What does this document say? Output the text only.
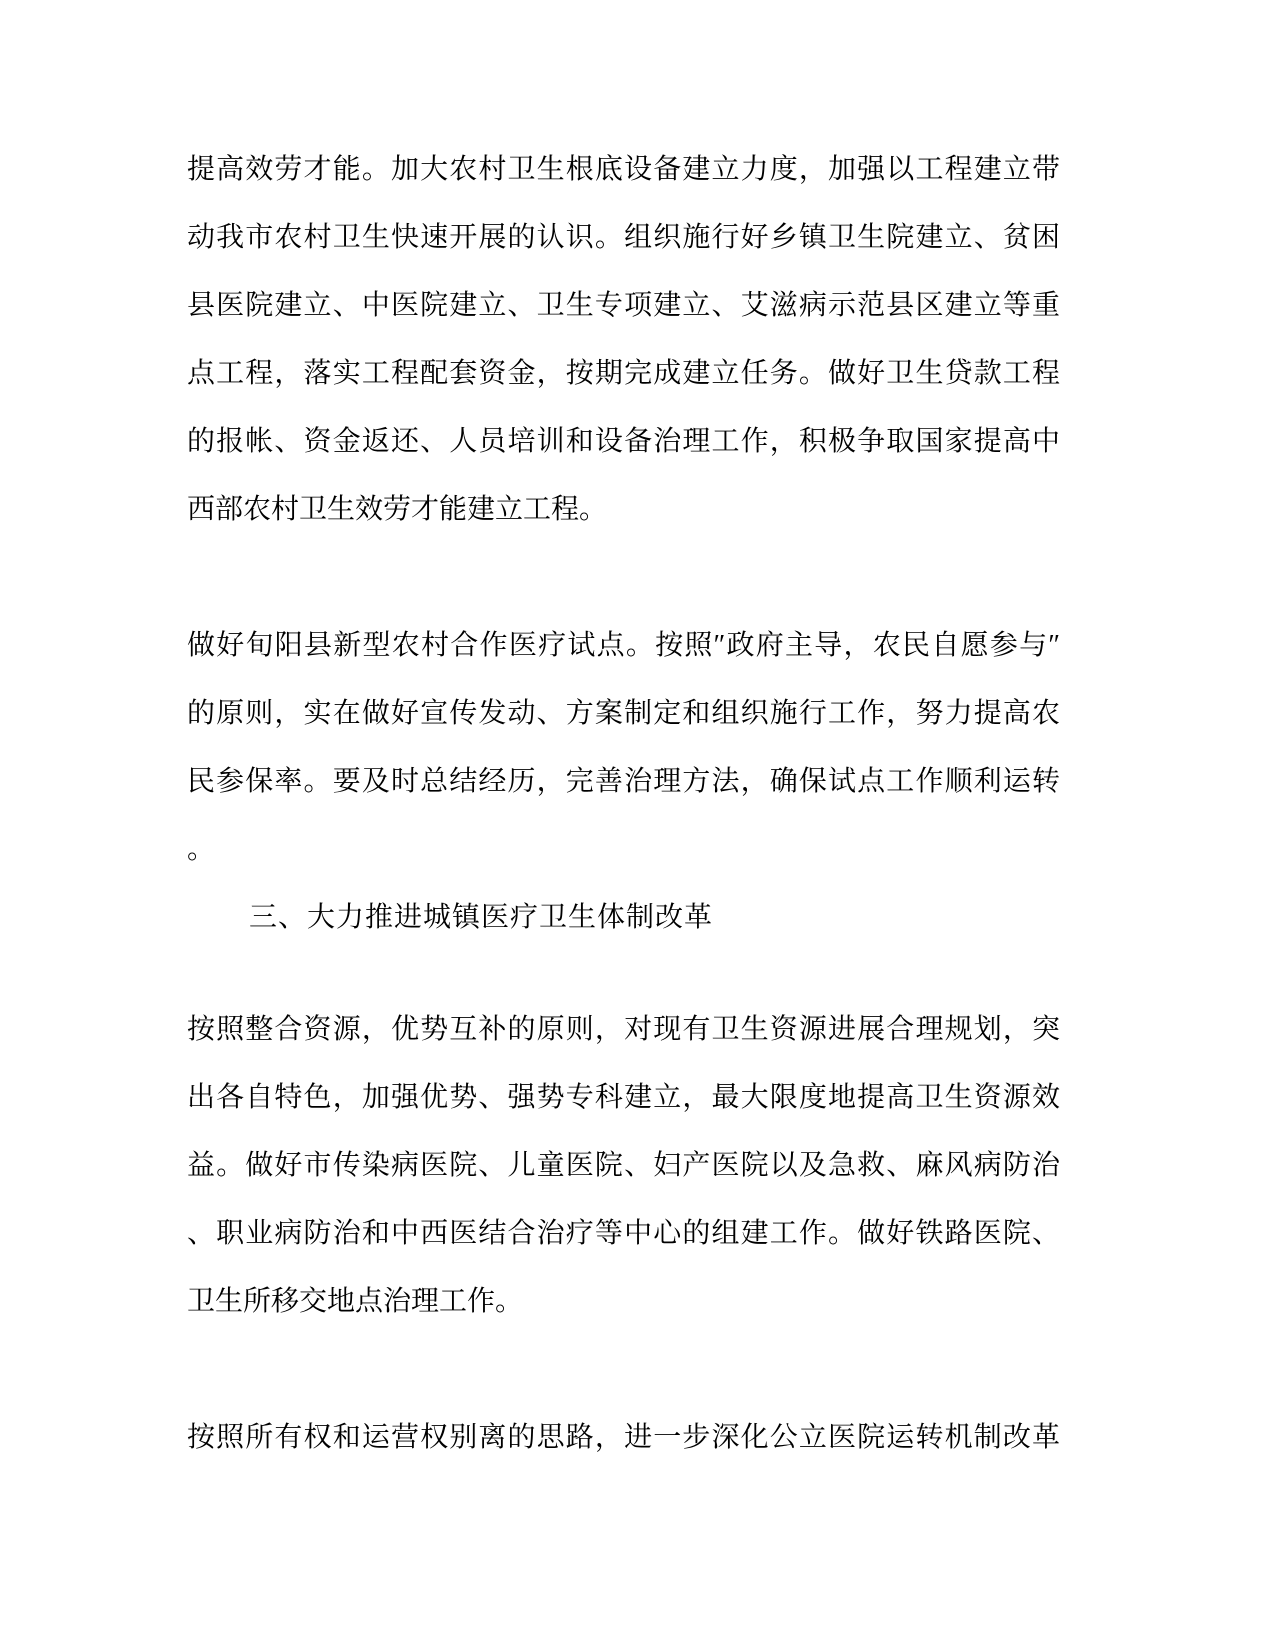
提高效劳才能。加大农村卫生根底设备建立力度，加强以工程建立带
动我市农村卫生快速开展的认识。组织施行好乡镇卫生院建立、贫困
县医院建立、中医院建立、卫生专项建立、艾滋病示范县区建立等重
点工程，落实工程配套资金，按期完成建立任务。做好卫生贷款工程
的报帐、资金返还、人员培训和设备治理工作，积极争取国家提高中
西部农村卫生效劳才能建立工程。
做好旬阳县新型农村合作医疗试点。按照″政府主导，农民自愿参与″
的原则，实在做好宣传发动、方案制定和组织施行工作，努力提高农
民参保率。要及时总结经历，完善治理方法，确保试点工作顺利运转
。
三、大力推进城镇医疗卫生体制改革
按照整合资源，优势互补的原则，对现有卫生资源进展合理规划，突
出各自特色，加强优势、强势专科建立，最大限度地提高卫生资源效
益。做好市传染病医院、儿童医院、妇产医院以及急救、麻风病防治
、职业病防治和中西医结合治疗等中心的组建工作。做好铁路医院、
卫生所移交地点治理工作。
按照所有权和运营权别离的思路，进一步深化公立医院运转机制改革
